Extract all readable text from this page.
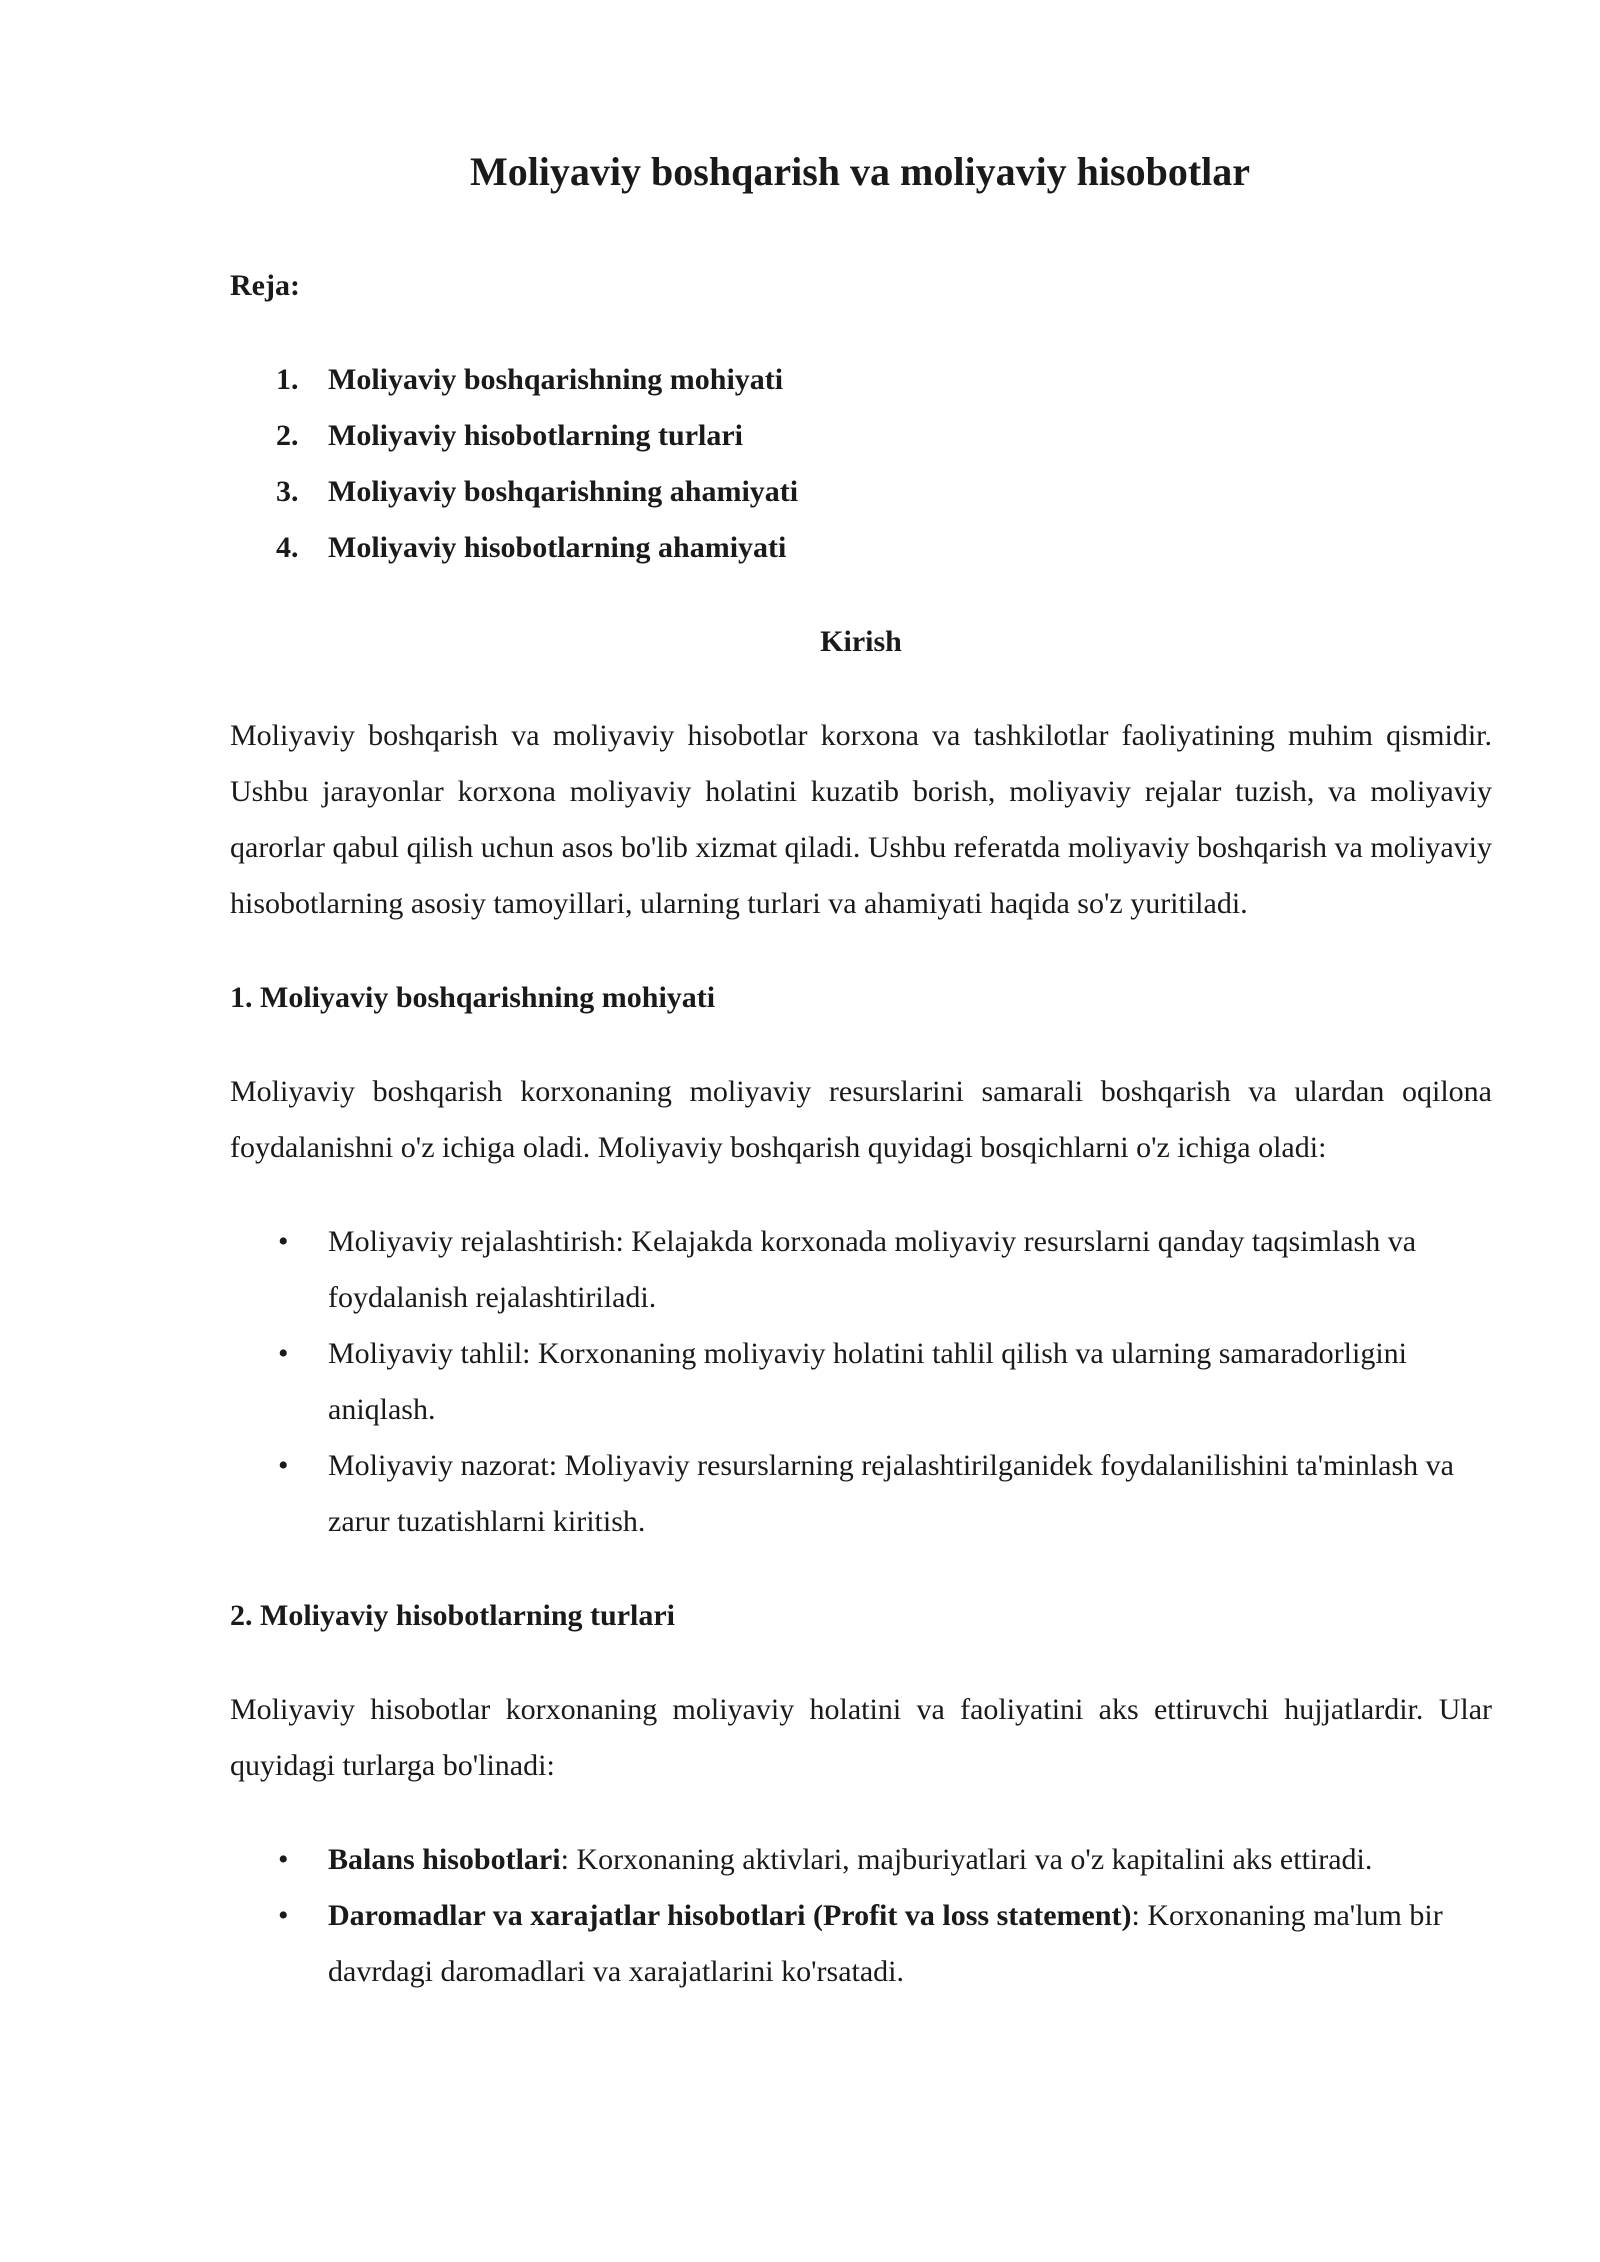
Moliyaviy boshqarish va moliyaviy hisobotlar

Reja:

1. Moliyaviy boshqarishning mohiyati
2. Moliyaviy hisobotlarning turlari
3. Moliyaviy boshqarishning ahamiyati
4. Moliyaviy hisobotlarning ahamiyati
Kirish

Moliyaviy boshqarish va moliyaviy hisobotlar korxona va tashkilotlar faoliyatining muhim qismidir. Ushbu jarayonlar korxona moliyaviy holatini kuzatib borish, moliyaviy rejalar tuzish, va moliyaviy qarorlar qabul qilish uchun asos bo'lib xizmat qiladi. Ushbu referatda moliyaviy boshqarish va moliyaviy hisobotlarning asosiy tamoyillari, ularning turlari va ahamiyati haqida so'z yuritiladi.

1. Moliyaviy boshqarishning mohiyati

Moliyaviy boshqarish korxonaning moliyaviy resurslarini samarali boshqarish va ulardan oqilona foydalanishni o'z ichiga oladi. Moliyaviy boshqarish quyidagi bosqichlarni o'z ichiga oladi:

• Moliyaviy rejalashtirish: Kelajakda korxonada moliyaviy resurslarni qanday taqsimlash va foydalanish rejalashtiriladi.
• Moliyaviy tahlil: Korxonaning moliyaviy holatini tahlil qilish va ularning samaradorligini aniqlash.
• Moliyaviy nazorat: Moliyaviy resurslarning rejalashtirilganidek foydalanilishini ta'minlash va zarur tuzatishlarni kiritish.
2. Moliyaviy hisobotlarning turlari

Moliyaviy hisobotlar korxonaning moliyaviy holatini va faoliyatini aks ettiruvchi hujjatlardir. Ular quyidagi turlarga bo'linadi:

• Balans hisobotlari: Korxonaning aktivlari, majburiyatlari va o'z kapitalini aks ettiradi.
• Daromadlar va xarajatlar hisobotlari (Profit va loss statement): Korxonaning ma'lum bir davrdagi daromadlari va xarajatlarini ko'rsatadi.
